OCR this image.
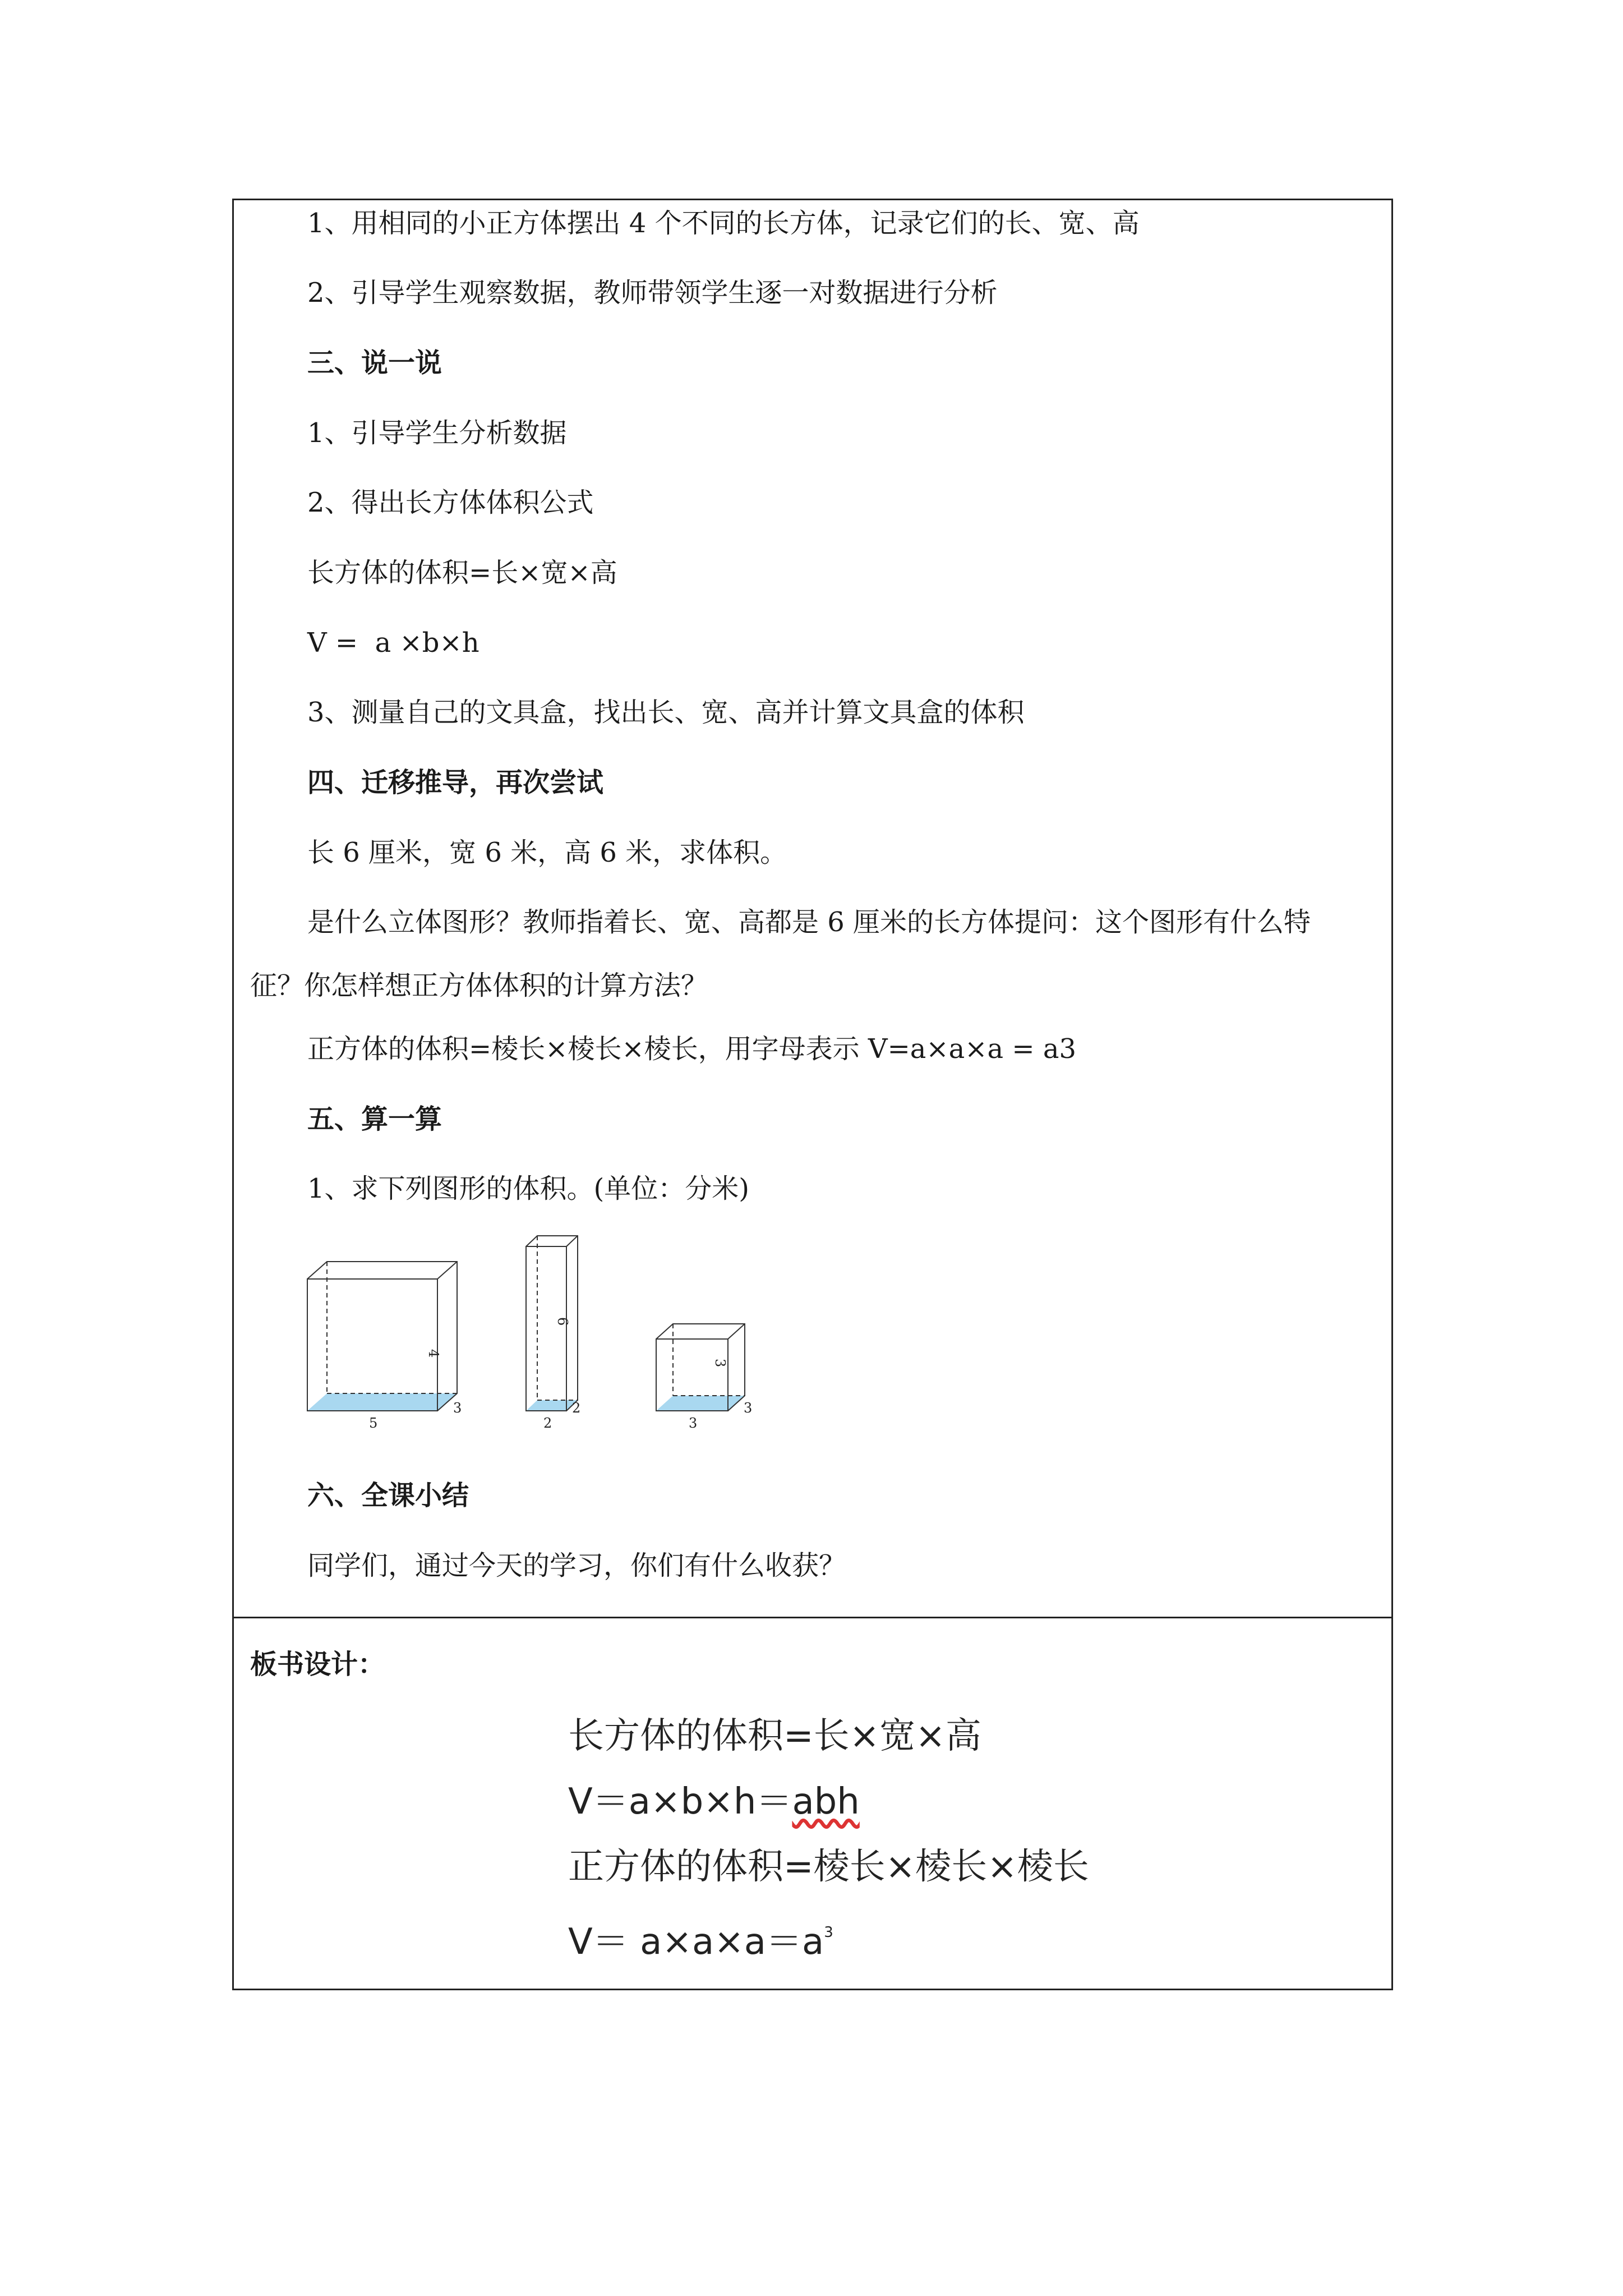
1、用相同的小正方体摆出 4 个不同的长方体，记录它们的长、宽、高
2、引导学生观察数据，教师带领学生逐一对数据进行分析
三、说一说
1、引导学生分析数据
2、得出长方体体积公式
长方体的体积=长×宽×高
V =  a ×b×h
3、测量自己的文具盒，找出长、宽、高并计算文具盒的体积
四、迁移推导，再次尝试
长 6 厘米，宽 6 米，高 6 米，求体积。
是什么立体图形？教师指着长、宽、高都是 6 厘米的长方体提问：这个图形有什么特
征？你怎样想正方体体积的计算方法？
正方体的体积=棱长×棱长×棱长，用字母表示 V=a×a×a = a3
五、算一算
1、求下列图形的体积。(单位：分米)
5
3
4
2
2
6
3
3
3
六、全课小结
同学们，通过今天的学习，你们有什么收获？
板书设计：
长方体的体积=长×宽×高
V＝a×b×h＝abh
正方体的体积=棱长×棱长×棱长
$V= a\times a\times a=a^3$
